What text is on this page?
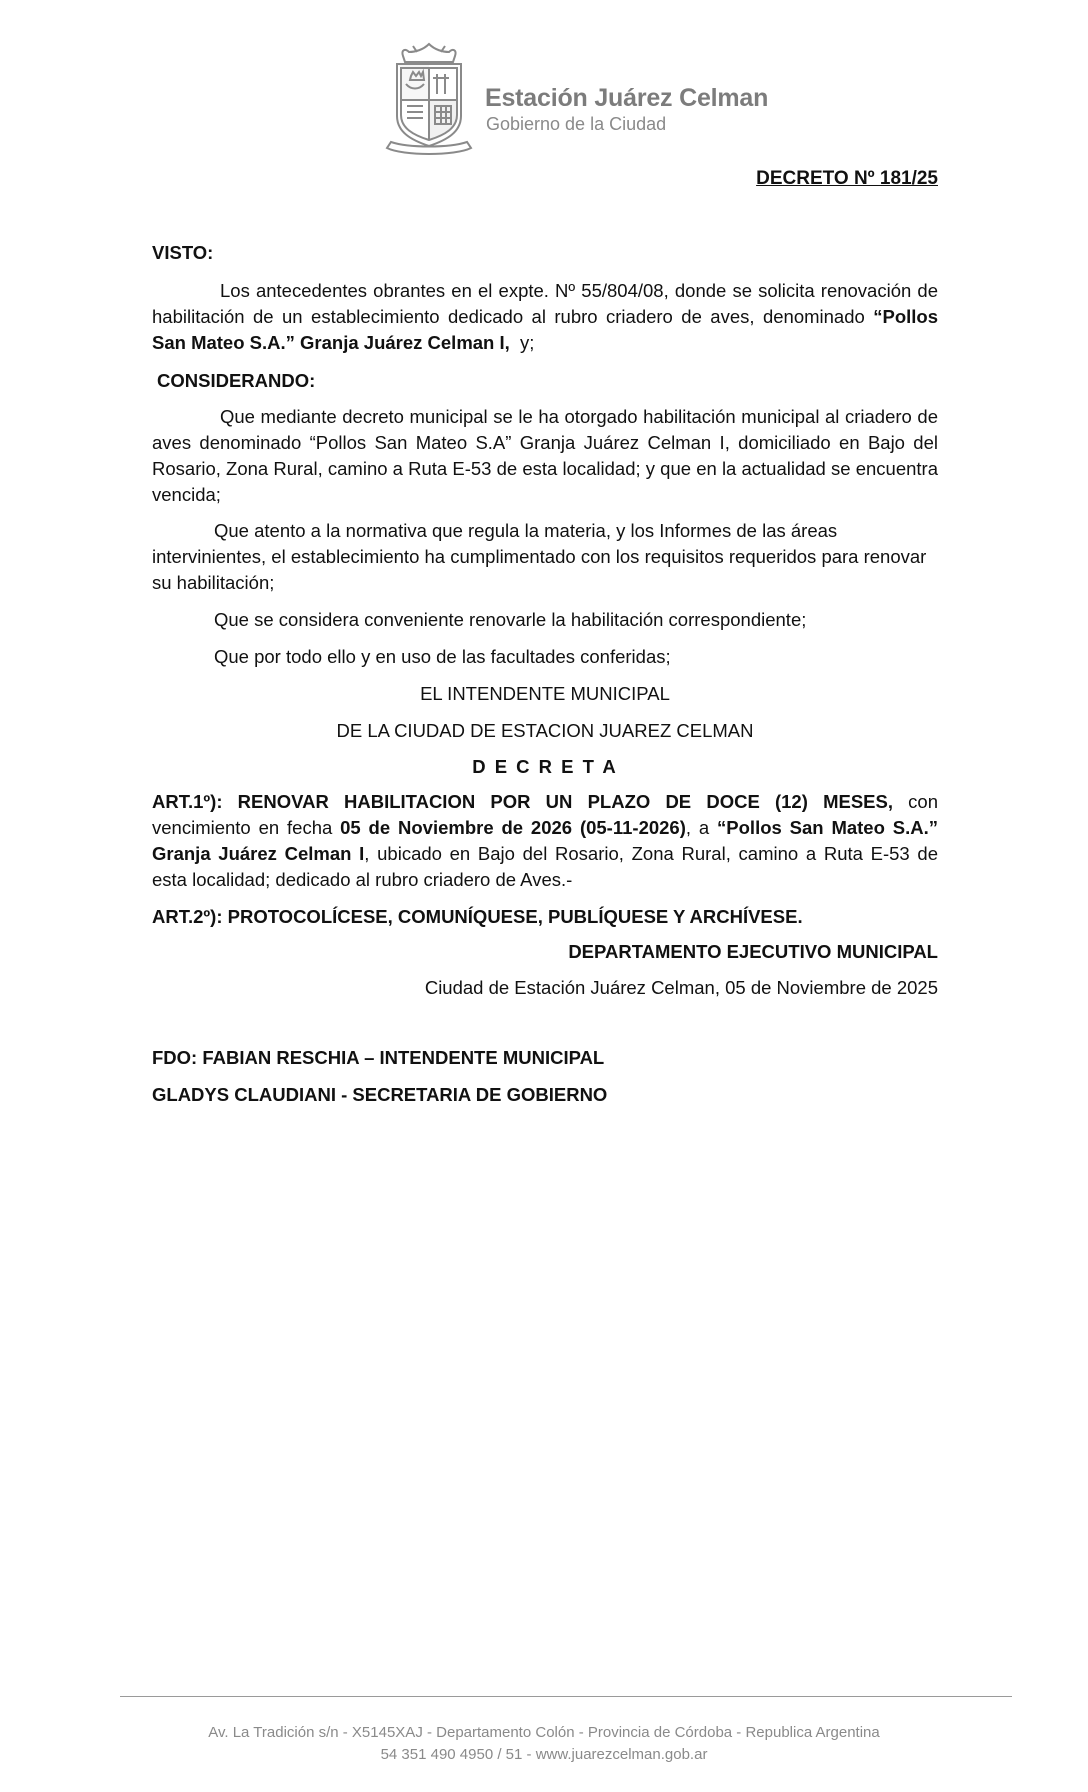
Estación Juárez Celman
Gobierno de la Ciudad
DECRETO Nº 181/25

VISTO:

Los antecedentes obrantes en el expte. Nº 55/804/08, donde se solicita renovación de habilitación de un establecimiento dedicado al rubro criadero de aves, denominado “Pollos San Mateo S.A.” Granja Juárez Celman I,  y;

CONSIDERANDO:

Que mediante decreto municipal se le ha otorgado habilitación municipal al criadero de aves denominado “Pollos San Mateo S.A” Granja Juárez Celman I, domiciliado en Bajo del Rosario, Zona Rural, camino a Ruta E-53 de esta localidad; y que en la actualidad se encuentra vencida;

Que atento a la normativa que regula la materia, y los Informes de las áreas intervinientes, el establecimiento ha cumplimentado con los requisitos requeridos para renovar su habilitación;

Que se considera conveniente renovarle la habilitación correspondiente;

Que por todo ello y en uso de las facultades conferidas;

EL INTENDENTE MUNICIPAL

DE LA CIUDAD DE ESTACION JUAREZ CELMAN

D E C R E T A

ART.1º): RENOVAR HABILITACION POR UN PLAZO DE DOCE (12) MESES, con vencimiento en fecha 05 de Noviembre de 2026 (05-11-2026), a “Pollos San Mateo S.A.” Granja Juárez Celman I, ubicado en Bajo del Rosario, Zona Rural, camino a Ruta E-53 de esta localidad; dedicado al rubro criadero de Aves.-

ART.2º): PROTOCOLÍCESE, COMUNÍQUESE, PUBLÍQUESE Y ARCHÍVESE.

DEPARTAMENTO EJECUTIVO MUNICIPAL

Ciudad de Estación Juárez Celman, 05 de Noviembre de 2025

FDO: FABIAN RESCHIA – INTENDENTE MUNICIPAL

GLADYS CLAUDIANI - SECRETARIA DE GOBIERNO

Av. La Tradición s/n - X5145XAJ - Departamento Colón - Provincia de Córdoba - Republica Argentina
54 351 490 4950 / 51 - www.juarezcelman.gob.ar
